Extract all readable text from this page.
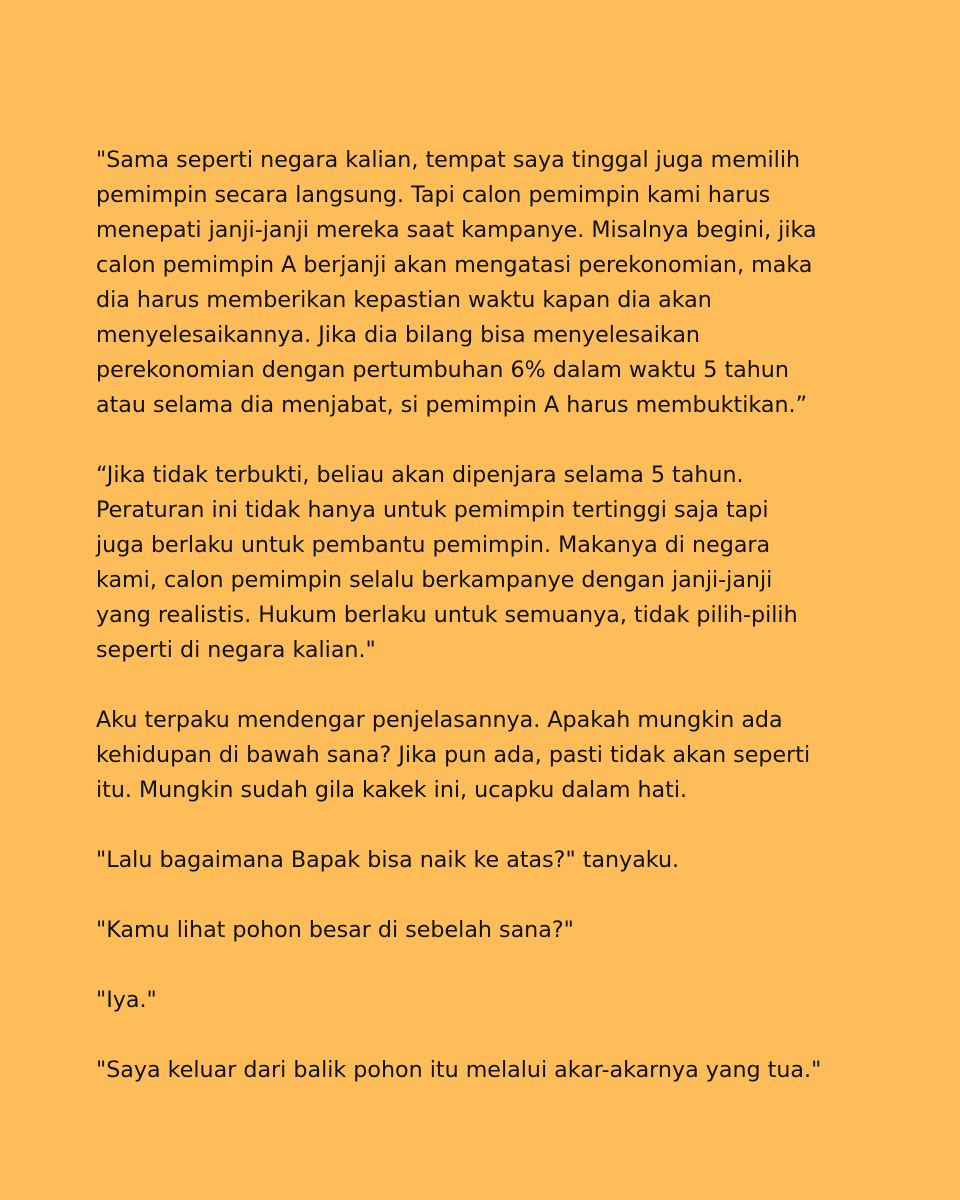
"Sama seperti negara kalian, tempat saya tinggal juga memilih
pemimpin secara langsung. Tapi calon pemimpin kami harus
menepati janji-janji mereka saat kampanye. Misalnya begini, jika
calon pemimpin A berjanji akan mengatasi perekonomian, maka
dia harus memberikan kepastian waktu kapan dia akan
menyelesaikannya. Jika dia bilang bisa menyelesaikan
perekonomian dengan pertumbuhan 6% dalam waktu 5 tahun
atau selama dia menjabat, si pemimpin A harus membuktikan.”

“Jika tidak terbukti, beliau akan dipenjara selama 5 tahun.
Peraturan ini tidak hanya untuk pemimpin tertinggi saja tapi
juga berlaku untuk pembantu pemimpin. Makanya di negara
kami, calon pemimpin selalu berkampanye dengan janji-janji
yang realistis. Hukum berlaku untuk semuanya, tidak pilih-pilih
seperti di negara kalian."

Aku terpaku mendengar penjelasannya. Apakah mungkin ada
kehidupan di bawah sana? Jika pun ada, pasti tidak akan seperti
itu. Mungkin sudah gila kakek ini, ucapku dalam hati.

"Lalu bagaimana Bapak bisa naik ke atas?" tanyaku.

"Kamu lihat pohon besar di sebelah sana?"

"Iya."

"Saya keluar dari balik pohon itu melalui akar-akarnya yang tua."
